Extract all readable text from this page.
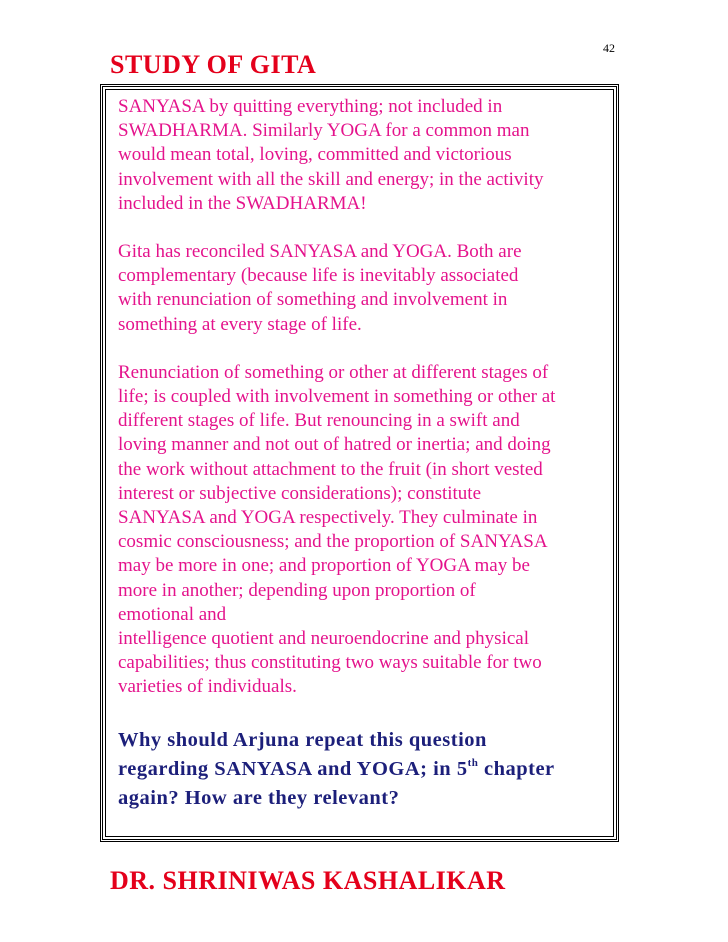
42
STUDY OF GITA

SANYASA by quitting everything; not included in
SWADHARMA. Similarly YOGA for a common man
would mean total, loving, committed and victorious
involvement with all the skill and energy; in the activity
included in the SWADHARMA!

Gita has reconciled SANYASA and YOGA. Both are
complementary (because life is inevitably associated
with renunciation of something and involvement in
something at every stage of life.

Renunciation of something or other at different stages of
life; is coupled with involvement in something or other at
different stages of life. But renouncing in a swift and
loving manner and not out of hatred or inertia; and doing
the work without attachment to the fruit (in short vested
interest or subjective considerations); constitute
SANYASA and YOGA respectively. They culminate in
cosmic consciousness; and the proportion of SANYASA
may be more in one; and proportion of YOGA may be
more in another; depending upon proportion of
emotional and
intelligence quotient and neuroendocrine and physical
capabilities; thus constituting two ways suitable for two
varieties of individuals.

Why should Arjuna repeat this question
regarding SANYASA and YOGA; in 5th chapter
again? How are they relevant?

DR. SHRINIWAS KASHALIKAR
